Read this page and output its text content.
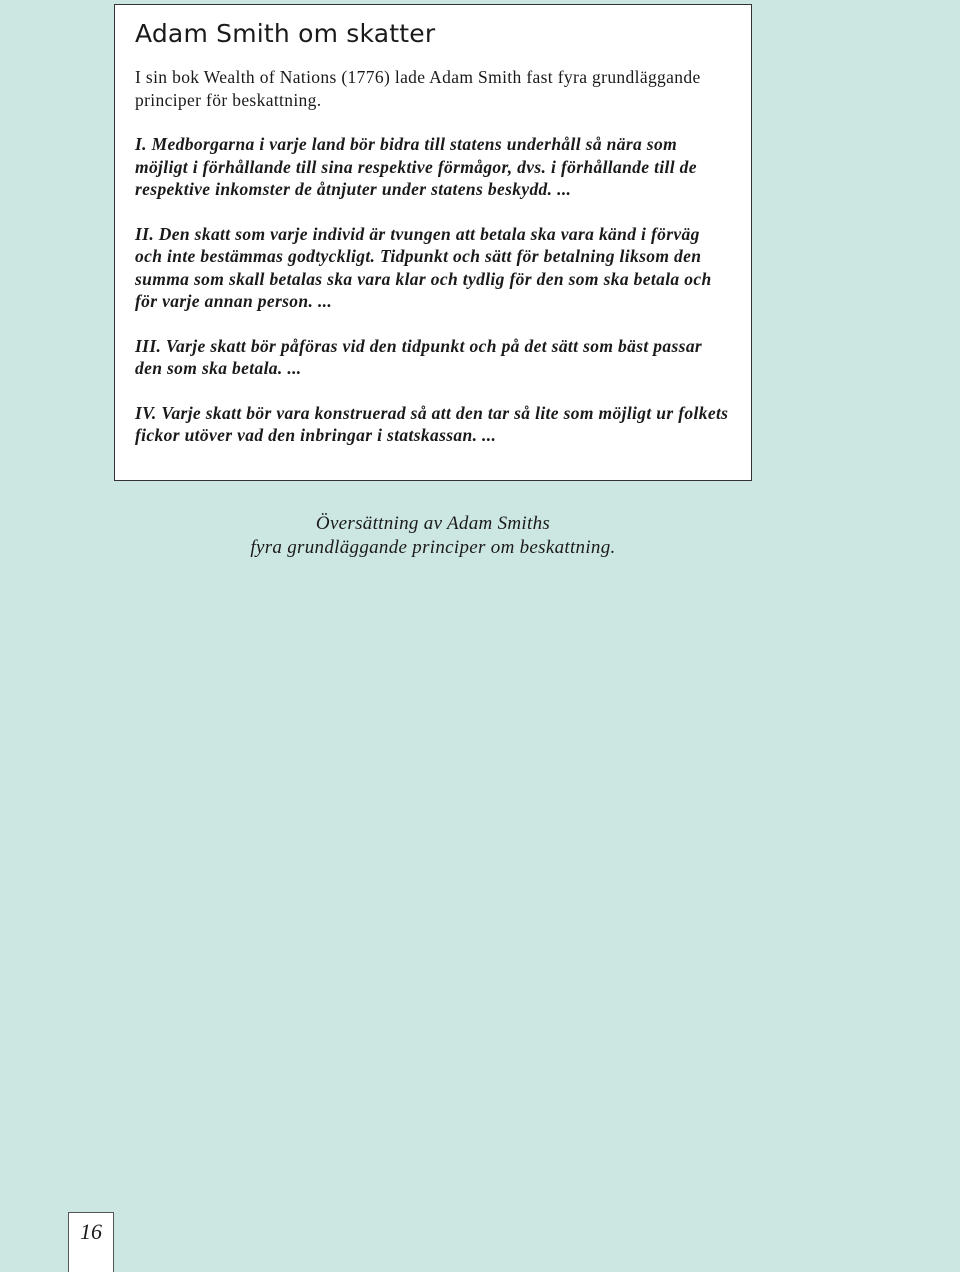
Adam Smith om skatter

I sin bok Wealth of Nations (1776) lade Adam Smith fast fyra grundläggande principer för beskattning.

I. Medborgarna i varje land bör bidra till statens underhåll så nära som möjligt i förhållande till sina respektive förmågor, dvs. i förhållande till de respektive inkomster de åtnjuter under statens beskydd. ...

II. Den skatt som varje individ är tvungen att betala ska vara känd i förväg och inte bestämmas godtyckligt. Tidpunkt och sätt för betalning liksom den summa som skall betalas ska vara klar och tydlig för den som ska betala och för varje annan person. ...

III. Varje skatt bör påföras vid den tidpunkt och på det sätt som bäst passar den som ska betala. ...

IV. Varje skatt bör vara konstruerad så att den tar så lite som möjligt ur folkets fickor utöver vad den inbringar i statskassan. ...

Översättning av Adam Smiths
fyra grundläggande principer om beskattning.
16
